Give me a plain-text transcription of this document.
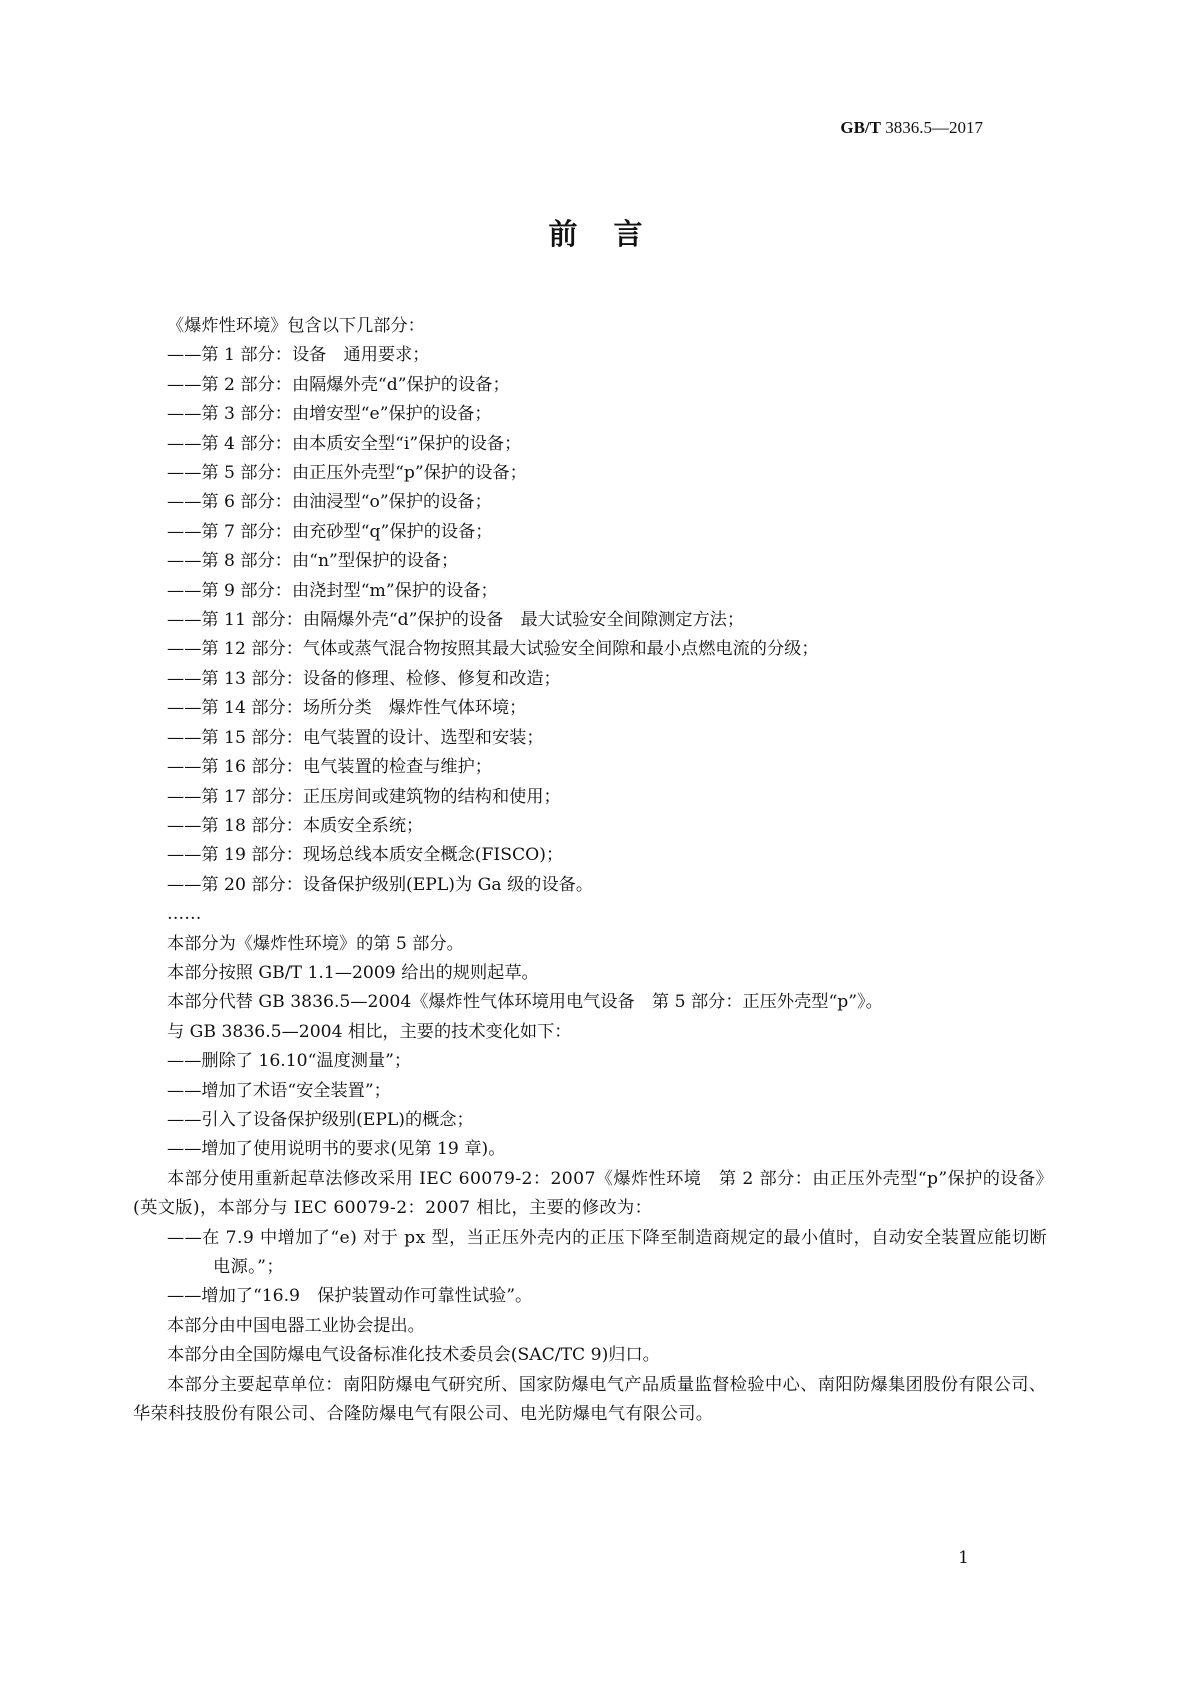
GB/T 3836.5—2017
前言
《爆炸性环境》包含以下几部分：
——第 1 部分：设备　通用要求；
——第 2 部分：由隔爆外壳“d”保护的设备；
——第 3 部分：由增安型“e”保护的设备；
——第 4 部分：由本质安全型“i”保护的设备；
——第 5 部分：由正压外壳型“p”保护的设备；
——第 6 部分：由油浸型“o”保护的设备；
——第 7 部分：由充砂型“q”保护的设备；
——第 8 部分：由“n”型保护的设备；
——第 9 部分：由浇封型“m”保护的设备；
——第 11 部分：由隔爆外壳“d”保护的设备　最大试验安全间隙测定方法；
——第 12 部分：气体或蒸气混合物按照其最大试验安全间隙和最小点燃电流的分级；
——第 13 部分：设备的修理、检修、修复和改造；
——第 14 部分：场所分类　爆炸性气体环境；
——第 15 部分：电气装置的设计、选型和安装；
——第 16 部分：电气装置的检查与维护；
——第 17 部分：正压房间或建筑物的结构和使用；
——第 18 部分：本质安全系统；
——第 19 部分：现场总线本质安全概念(FISCO)；
——第 20 部分：设备保护级别(EPL)为 Ga 级的设备。
……
本部分为《爆炸性环境》的第 5 部分。
本部分按照 GB/T 1.1—2009 给出的规则起草。
本部分代替 GB 3836.5—2004《爆炸性气体环境用电气设备　第 5 部分：正压外壳型“p”》。
与 GB 3836.5—2004 相比，主要的技术变化如下：
——删除了 16.10“温度测量”；
——增加了术语“安全装置”；
——引入了设备保护级别(EPL)的概念；
——增加了使用说明书的要求(见第 19 章)。
本部分使用重新起草法修改采用 IEC 60079-2：2007《爆炸性环境　第 2 部分：由正压外壳型“p”保护的设备》(英文版)，本部分与 IEC 60079-2：2007 相比，主要的修改为：
——在 7.9 中增加了“e) 对于 px 型，当正压外壳内的正压下降至制造商规定的最小值时，自动安全装置应能切断电源。”；
——增加了“16.9　保护装置动作可靠性试验”。
本部分由中国电器工业协会提出。
本部分由全国防爆电气设备标准化技术委员会(SAC/TC 9)归口。
本部分主要起草单位：南阳防爆电气研究所、国家防爆电气产品质量监督检验中心、南阳防爆集团股份有限公司、华荣科技股份有限公司、合隆防爆电气有限公司、电光防爆电气有限公司。
1
